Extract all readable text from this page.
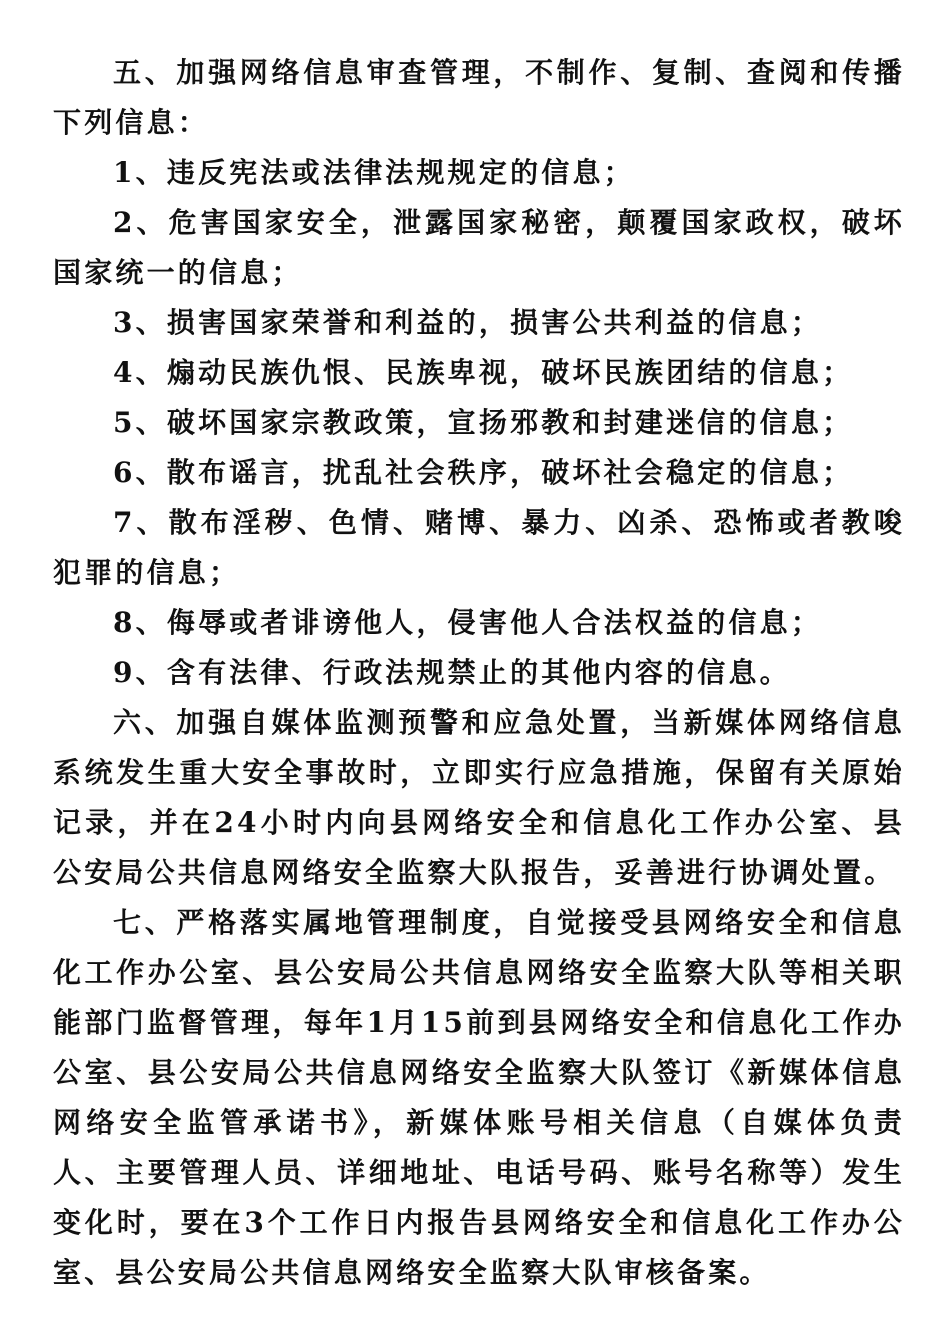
五、加强网络信息审查管理，不制作、复制、查阅和传播下列信息：

1、违反宪法或法律法规规定的信息；

2、危害国家安全，泄露国家秘密，颠覆国家政权，破坏国家统一的信息；

3、损害国家荣誉和利益的，损害公共利益的信息；

4、煽动民族仇恨、民族卑视，破坏民族团结的信息；

5、破坏国家宗教政策，宣扬邪教和封建迷信的信息；

6、散布谣言，扰乱社会秩序，破坏社会稳定的信息；

7、散布淫秽、色情、赌博、暴力、凶杀、恐怖或者教唆犯罪的信息；

8、侮辱或者诽谤他人，侵害他人合法权益的信息；

9、含有法律、行政法规禁止的其他内容的信息。

六、加强自媒体监测预警和应急处置，当新媒体网络信息系统发生重大安全事故时，立即实行应急措施，保留有关原始记录，并在24小时内向县网络安全和信息化工作办公室、县公安局公共信息网络安全监察大队报告，妥善进行协调处置。

七、严格落实属地管理制度，自觉接受县网络安全和信息化工作办公室、县公安局公共信息网络安全监察大队等相关职能部门监督管理，每年1月15前到县网络安全和信息化工作办公室、县公安局公共信息网络安全监察大队签订《新媒体信息网络安全监管承诺书》，新媒体账号相关信息（自媒体负责人、主要管理人员、详细地址、电话号码、账号名称等）发生变化时，要在3个工作日内报告县网络安全和信息化工作办公室、县公安局公共信息网络安全监察大队审核备案。
